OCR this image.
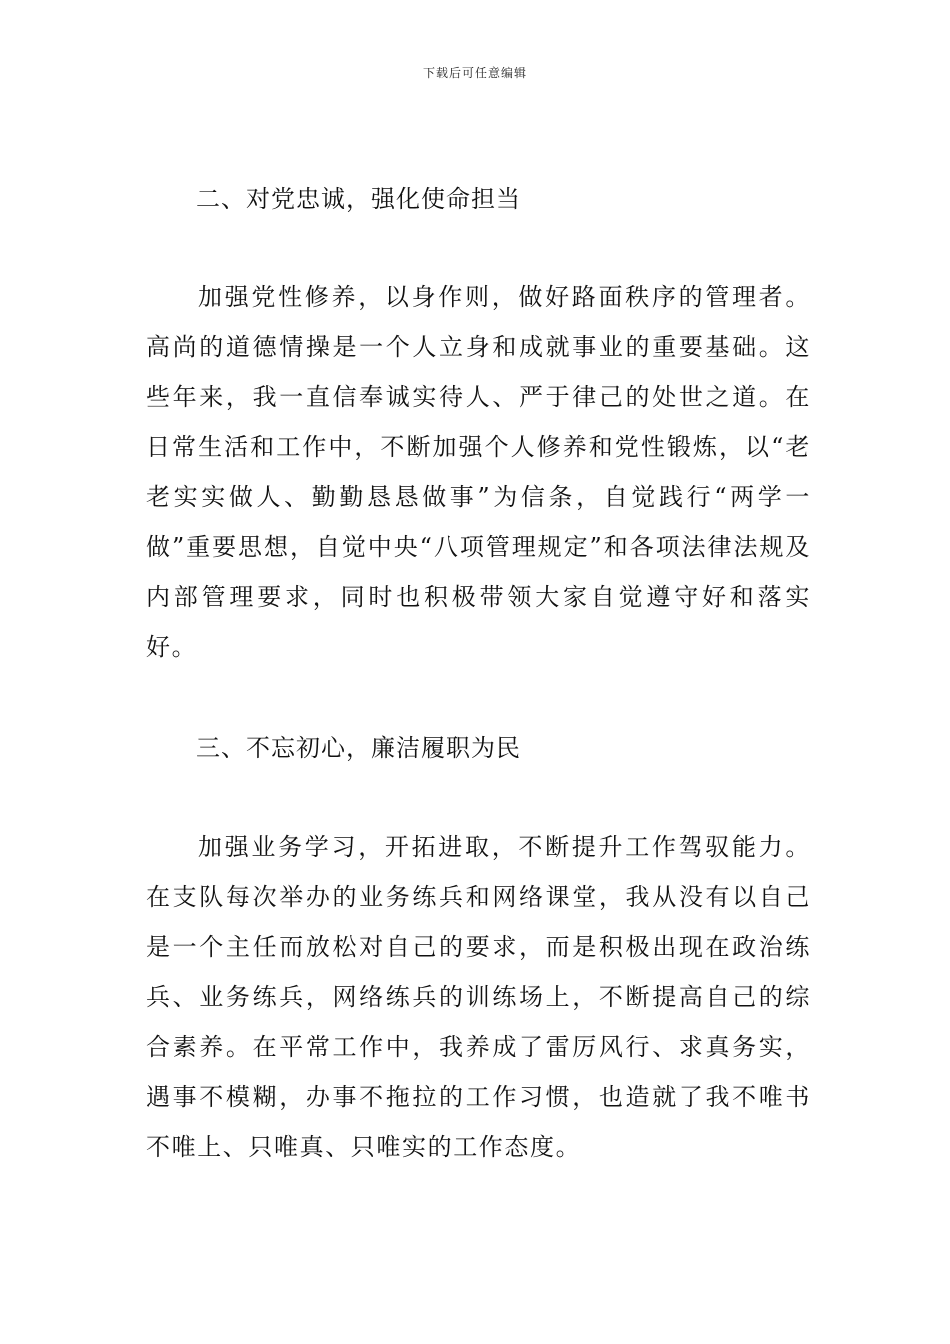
下载后可任意编辑
二、对党忠诚，强化使命担当

加强党性修养，以身作则，做好路面秩序的管理者。高尚的道德情操是一个人立身和成就事业的重要基础。这些年来，我一直信奉诚实待人、严于律己的处世之道。在日常生活和工作中，不断加强个人修养和党性锻炼，以“老老实实做人、勤勤恳恳做事”为信条，自觉践行“两学一做”重要思想，自觉中央“八项管理规定”和各项法律法规及内部管理要求，同时也积极带领大家自觉遵守好和落实好。

三、不忘初心，廉洁履职为民

加强业务学习，开拓进取，不断提升工作驾驭能力。在支队每次举办的业务练兵和网络课堂，我从没有以自己是一个主任而放松对自己的要求，而是积极出现在政治练兵、业务练兵，网络练兵的训练场上，不断提高自己的综合素养。在平常工作中，我养成了雷厉风行、求真务实，遇事不模糊，办事不拖拉的工作习惯，也造就了我不唯书不唯上、只唯真、只唯实的工作态度。
